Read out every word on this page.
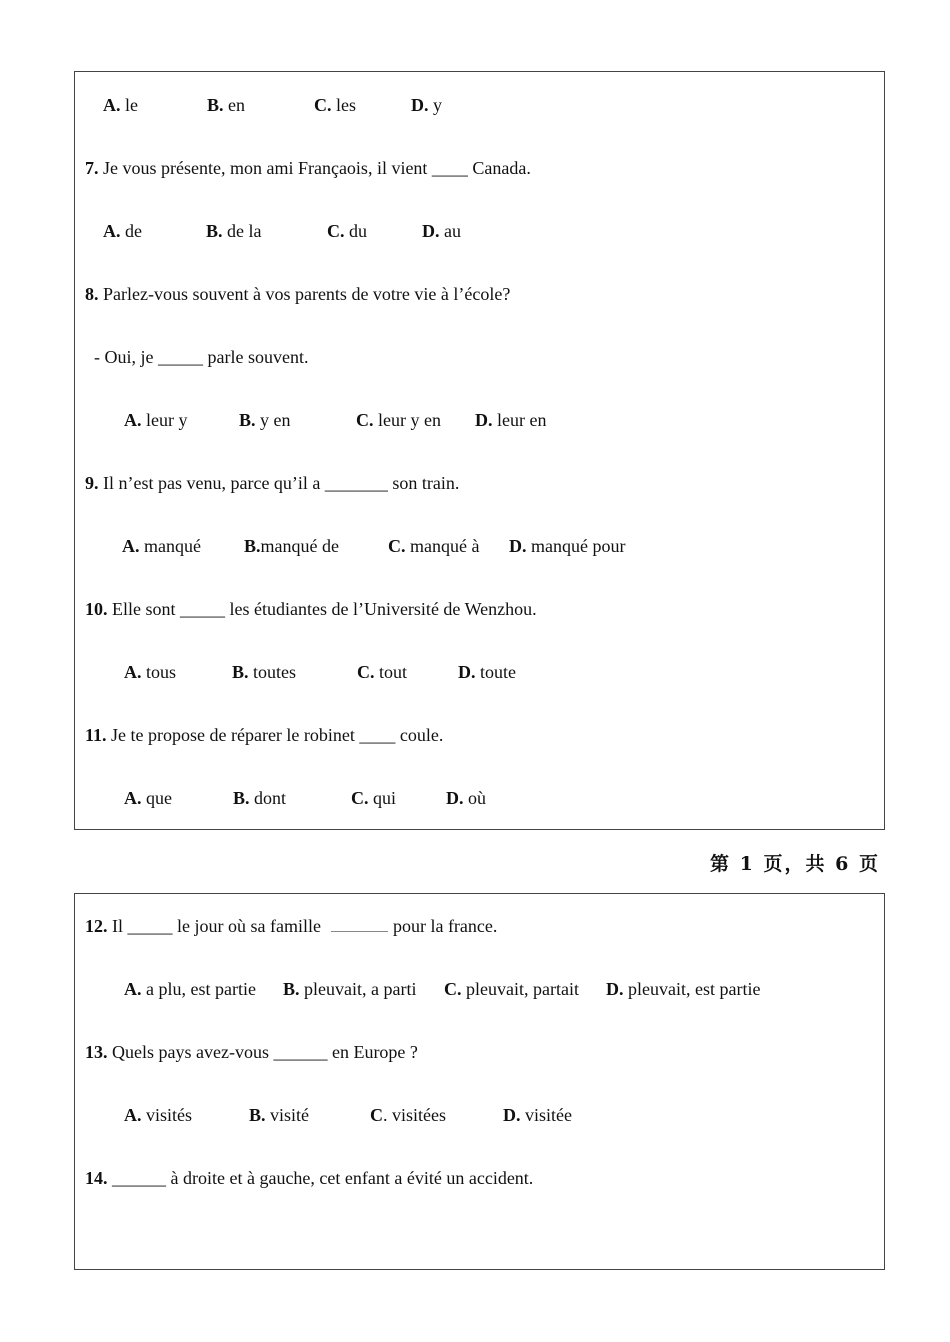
A. le	B. en	C. les	D. y
7. Je vous présente, mon ami Françaois, il vient ____ Canada.
A. de	B. de la	C. du	D. au
8. Parlez-vous souvent à vos parents de votre vie à l’école?
- Oui, je _____ parle souvent.
A. leur y	B. y en	C. leur y en D. leur en
9. Il n’est pas venu, parce qu’il a _______ son train.
A. manqué B.manqué de	C. manqué à D. manqué pour
10. Elle sont _____ les étudiantes de l’Université de Wenzhou.
A. tous	B. toutes	C. tout	D. toute
11. Je te propose de réparer le robinet ____ coule.
A. que	B. dont	C. qui	D. où
第 1 页，共 6 页
12. Il _____ le jour où sa famille	pour la france.
A. a plu, est partie B. pleuvait, a parti C. pleuvait, partait D. pleuvait, est partie
13. Quels pays avez-vous ______ en Europe ?
A. visités	B. visité	C. visitées	D. visitée
14. ______ à droite et à gauche, cet enfant a évité un accident.
